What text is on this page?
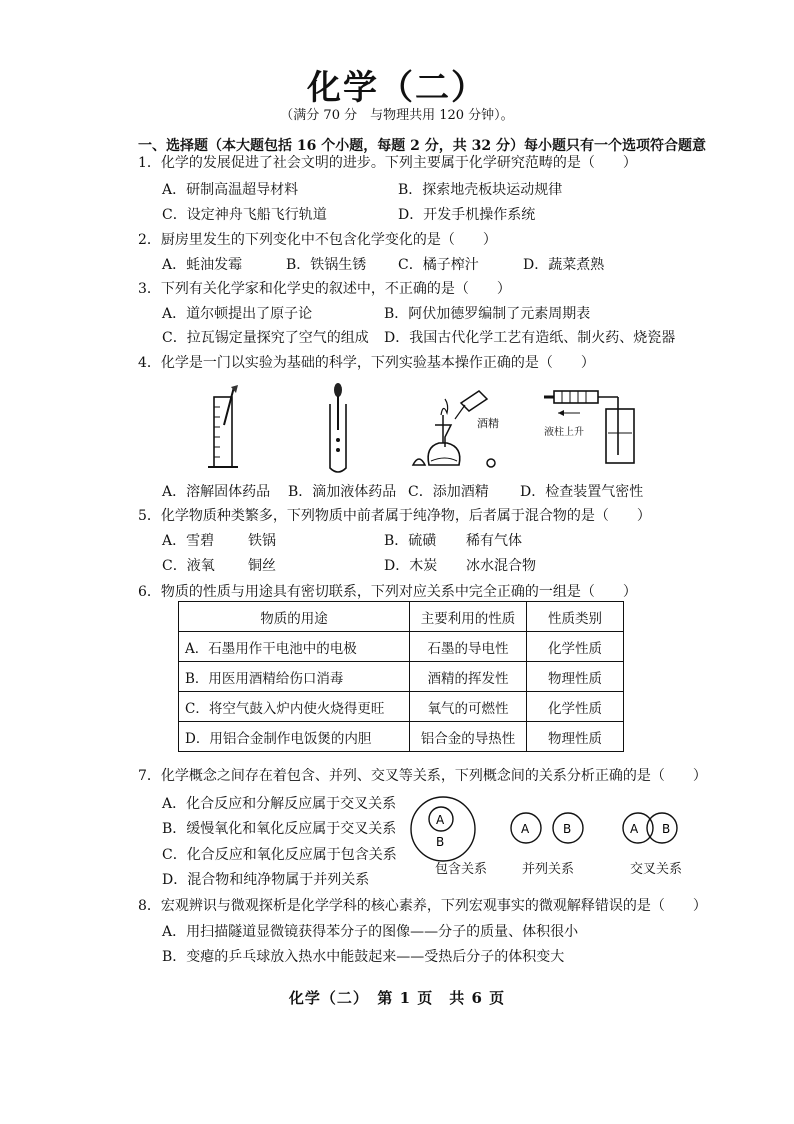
化学（二）
（满分 70 分　与物理共用 120 分钟）。
一、选择题（本大题包括 16 个小题，每题 2 分，共 32 分）每小题只有一个选项符合题意
1．化学的发展促进了社会文明的进步。下列主要属于化学研究范畴的是（　　）
A．研制高温超导材料	B．探索地壳板块运动规律
C．设定神舟飞船飞行轨道	D．开发手机操作系统
2．厨房里发生的下列变化中不包含化学变化的是（　　）
A．蚝油发霉	B．铁锅生锈 C．橘子榨汁	D．蔬菜煮熟
3．下列有关化学家和化学史的叙述中，不正确的是（　　）
A．道尔顿提出了原子论	B．阿伏加德罗编制了元素周期表
C．拉瓦锡定量探究了空气的组成 D．我国古代化学工艺有造纸、制火药、烧瓷器
4．化学是一门以实验为基础的科学，下列实验基本操作正确的是（　　）
酒精
液柱上升
A．溶解固体药品 B．滴加液体药品 C．添加酒精 D．检查装置气密性
5．化学物质种类繁多，下列物质中前者属于纯净物，后者属于混合物的是（　　）
A．雪碧 铁锅	B．硫磺 稀有气体
C．液氧 铜丝	D．木炭 冰水混合物
6．物质的性质与用途具有密切联系，下列对应关系中完全正确的一组是（　　）
物质的用途	主要利用的性质	性质类别
A．石墨用作干电池中的电极	石墨的导电性	化学性质
B．用医用酒精给伤口消毒	酒精的挥发性	物理性质
C．将空气鼓入炉内使火烧得更旺	氧气的可燃性	化学性质
D．用铝合金制作电饭煲的内胆	铝合金的导热性	物理性质
7．化学概念之间存在着包含、并列、交叉等关系，下列概念间的关系分析正确的是（　　）
A．化合反应和分解反应属于交叉关系
B．缓慢氧化和氧化反应属于交叉关系
C．化合反应和氧化反应属于包含关系
D．混合物和纯净物属于并列关系
A
B
包含关系
A	B
并列关系
A B
交叉关系
8．宏观辨识与微观探析是化学学科的核心素养，下列宏观事实的微观解释错误的是（　　）
A．用扫描隧道显微镜获得苯分子的图像——分子的质量、体积很小
B．变瘪的乒乓球放入热水中能鼓起来——受热后分子的体积变大
化学（二）　第 1 页　共 6 页
